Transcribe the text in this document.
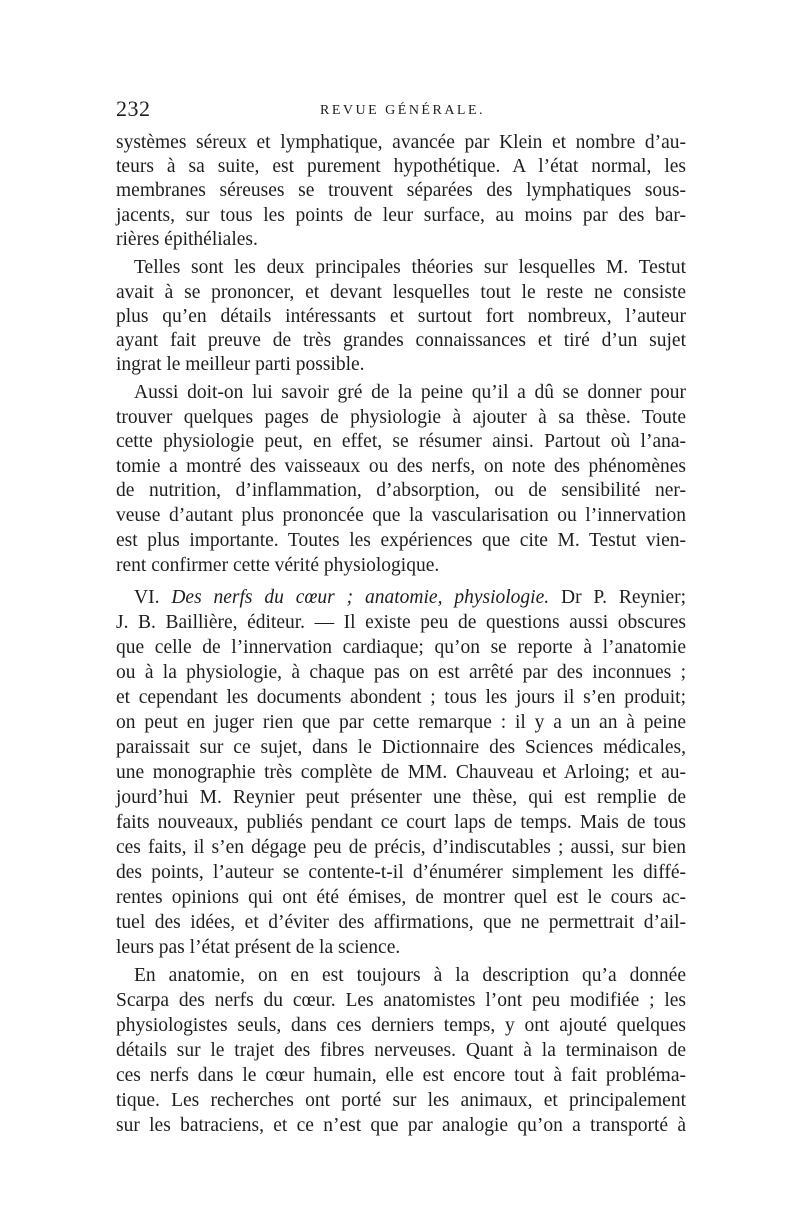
232	REVUE GÉNÉRALE.
systèmes séreux et lymphatique, avancée par Klein et nombre d’au-
teurs à sa suite, est purement hypothétique. A l’état normal, les
membranes séreuses se trouvent séparées des lymphatiques sous-
jacents, sur tous les points de leur surface, au moins par des bar-
rières épithéliales.
Telles sont les deux principales théories sur lesquelles M. Testut
avait à se prononcer, et devant lesquelles tout le reste ne consiste
plus qu’en détails intéressants et surtout fort nombreux, l’auteur
ayant fait preuve de très grandes connaissances et tiré d’un sujet
ingrat le meilleur parti possible.
Aussi doit-on lui savoir gré de la peine qu’il a dû se donner pour
trouver quelques pages de physiologie à ajouter à sa thèse. Toute
cette physiologie peut, en effet, se résumer ainsi. Partout où l’ana-
tomie a montré des vaisseaux ou des nerfs, on note des phénomènes
de nutrition, d’inflammation, d’absorption, ou de sensibilité ner-
veuse d’autant plus prononcée que la vascularisation ou l’innervation
est plus importante. Toutes les expériences que cite M. Testut vien-
rent confirmer cette vérité physiologique.
VI. Des nerfs du cœur ; anatomie, physiologie. Dr P. Reynier;
J. B. Baillière, éditeur. — Il existe peu de questions aussi obscures
que celle de l’innervation cardiaque; qu’on se reporte à l’anatomie
ou à la physiologie, à chaque pas on est arrêté par des inconnues ;
et cependant les documents abondent ; tous les jours il s’en produit;
on peut en juger rien que par cette remarque : il y a un an à peine
paraissait sur ce sujet, dans le Dictionnaire des Sciences médicales,
une monographie très complète de MM. Chauveau et Arloing; et au-
jourd’hui M. Reynier peut présenter une thèse, qui est remplie de
faits nouveaux, publiés pendant ce court laps de temps. Mais de tous
ces faits, il s’en dégage peu de précis, d’indiscutables ; aussi, sur bien
des points, l’auteur se contente-t-il d’énumérer simplement les diffé-
rentes opinions qui ont été émises, de montrer quel est le cours ac-
tuel des idées, et d’éviter des affirmations, que ne permettrait d’ail-
leurs pas l’état présent de la science.
En anatomie, on en est toujours à la description qu’a donnée
Scarpa des nerfs du cœur. Les anatomistes l’ont peu modifiée ; les
physiologistes seuls, dans ces derniers temps, y ont ajouté quelques
détails sur le trajet des fibres nerveuses. Quant à la terminaison de
ces nerfs dans le cœur humain, elle est encore tout à fait probléma-
tique. Les recherches ont porté sur les animaux, et principalement
sur les batraciens, et ce n’est que par analogie qu’on a transporté à
